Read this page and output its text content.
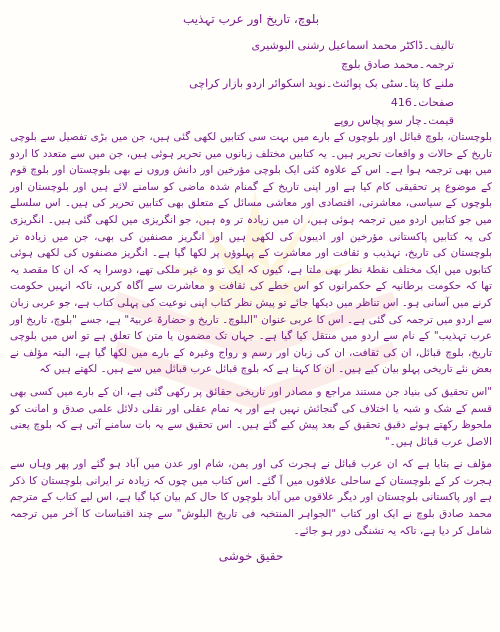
بلوچ، تاریخ اور عرب تہذیب
تالیف۔ڈاکٹر محمد اسماعیل رشنی البوشیری
ترجمہ۔محمد صادق بلوچ
ملنے کا پتا۔سٹی بک پوائنٹ۔نوید اسکوائر اردو بازار کراچی
صفحات۔416
قیمت۔چار سو پچاس روپے

بلوچستان، بلوچ قبائل اور بلوچوں کے بارے میں بہت سی کتابیں لکھی گئی ہیں، جن میں بڑی تفصیل سے بلوچی تاریخ کے حالات و واقعات تحریر ہیں۔ یہ کتابیں مختلف زبانوں میں تحریر ہوئی ہیں، جن میں سے متعدد کا اردو میں بھی ترجمہ ہوا ہے۔ اس کے علاوہ کئی ایک بلوچی مؤرخین اور دانش وروں نے بھی بلوچستان اور بلوچ قوم کے موضوع پر تحقیقی کام کیا ہے اور اپنی تاریخ کے گمنام شدہ ماضی کو سامنے لائے ہیں اور بلوچستان اور بلوچوں کے سیاسی، معاشرتی، اقتصادی اور معاشی مسائل کے متعلق بھی کتابیں تحریر کی ہیں۔ اس سلسلے میں جو کتابیں اردو میں ترجمہ ہوئی ہیں، ان میں زیادہ تر وہ ہیں، جو انگریزی میں لکھی گئی ہیں۔ انگریزی کی یہ کتابیں پاکستانی مؤرخین اور ادیبوں کی لکھی ہیں اور انگریز مصنفین کی بھی، جن میں زیادہ تر بلوچستان کی تاریخ، تہذیب و ثقافت اور معاشرت کے پہلوؤں پر لکھا گیا ہے۔ انگریز مصنفوں کی لکھی ہوئی کتابوں میں ایک مختلف نقطۂ نظر بھی ملتا ہے، کیوں کہ ایک تو وہ غیر ملکی تھے، دوسرا یہ کہ ان کا مقصد یہ تھا کہ حکومت برطانیہ کے حکمرانوں کو اس خطے کی ثقافت و معاشرت سے آگاہ کریں، تاکہ انہیں حکومت کرنے میں آسانی ہو۔ اس تناظر میں دیکھا جائے تو پیش نظر کتاب اپنی نوعیت کی پہلی کتاب ہے، جو عربی زبان سے اردو میں ترجمہ کی گئی ہے۔ اس کا عربی عنوان "البلوچ۔ تاریخ و حضارۃ عربیۃ" ہے، جسے "بلوچ، تاریخ اور عرب تہذیب" کے نام سے اردو میں منتقل کیا گیا ہے۔ جہاں تک مضمون یا متن کا تعلق ہے تو اس میں بلوچی تاریخ، بلوچ قبائل، ان کی ثقافت، ان کی زبان اور رسم و رواج وغیرہ کے بارے میں لکھا گیا ہے، البتہ مؤلف نے بعض نئے تاریخی پہلو بیان کیے ہیں۔ ان کا کہنا ہے کہ بلوچ قبائل عرب قبائل میں سے ہیں۔ لکھتے ہیں کہ

"اس تحقیق کی بنیاد جن مستند مراجع و مصادر اور تاریخی حقائق پر رکھی گئی ہے، ان کے بارے میں کسی بھی قسم کے شک و شبہ یا اختلاف کی گنجائش نہیں ہے اور یہ تمام عقلی اور نقلی دلائل علمی صدق و امانت کو ملحوظ رکھتے ہوئے دقیق تحقیق کے بعد پیش کیے گئے ہیں۔ اس تحقیق سے یہ بات سامنے آتی ہے کہ بلوچ یعنی الاصل عرب قبائل ہیں۔"

مؤلف نے بتایا ہے کہ ان عرب قبائل نے ہجرت کی اور یمن، شام اور عدن میں آباد ہو گئے اور پھر وہاں سے ہجرت کر کے بلوچستان کے ساحلی علاقوں میں آ گئے۔ اس کتاب میں چوں کہ زیادہ تر ایرانی بلوچستان کا ذکر ہے اور پاکستانی بلوچستان اور دیگر علاقوں میں آباد بلوچوں کا حال کم بیان کیا گیا ہے، اس لیے کتاب کے مترجم محمد صادق بلوچ نے ایک اور کتاب "الجواہر المنتخبہ فی تاریخ البلوش" سے چند اقتباسات کا آخر میں ترجمہ شامل کر دیا ہے، تاکہ یہ تشنگی دور ہو جائے۔

حقیق خوشی
